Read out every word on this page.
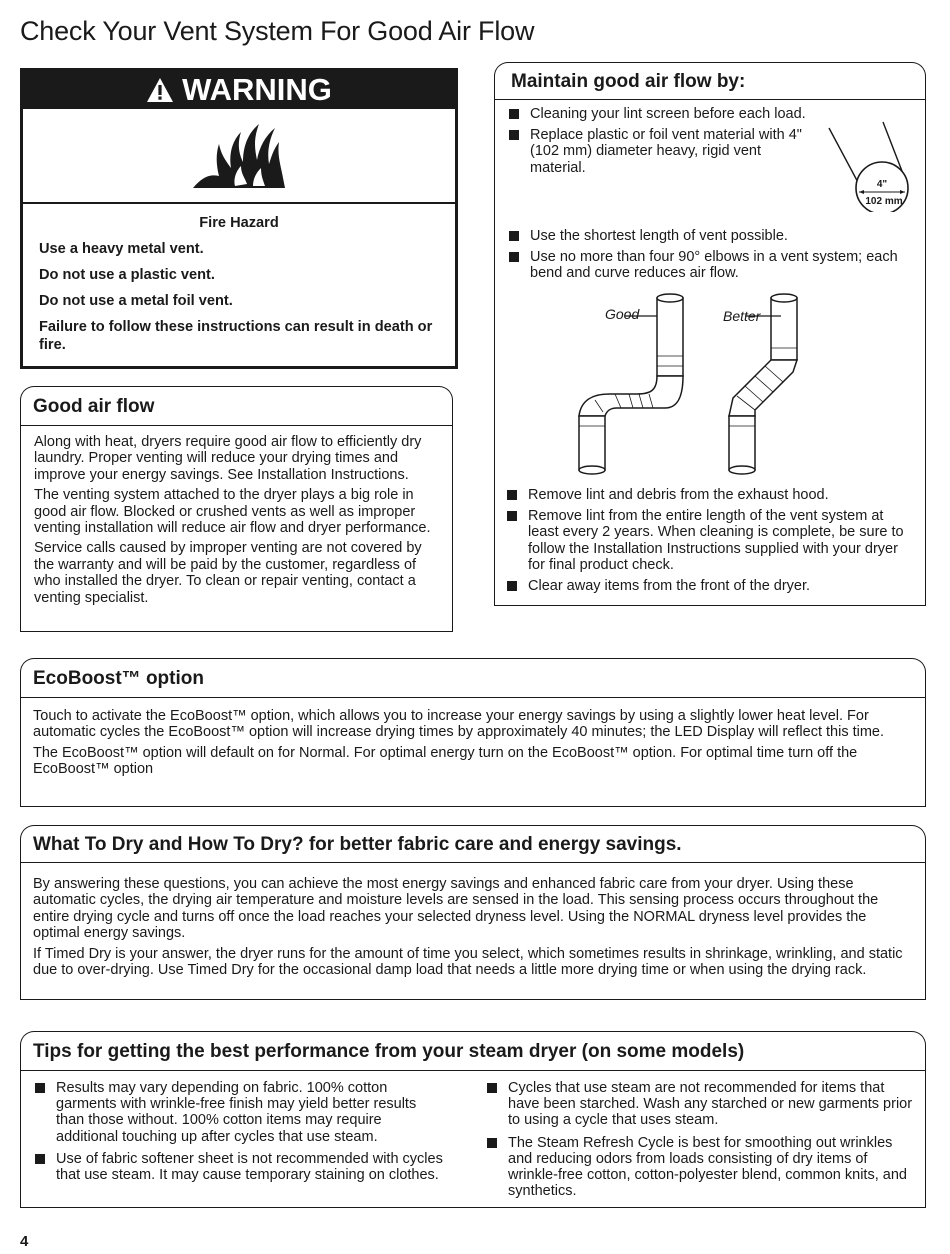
Check Your Vent System For Good Air Flow
WARNING

Fire Hazard

Use a heavy metal vent.

Do not use a plastic vent.

Do not use a metal foil vent.

Failure to follow these instructions can result in death or fire.

Good air flow

Along with heat, dryers require good air flow to efficiently dry laundry. Proper venting will reduce your drying times and improve your energy savings. See Installation Instructions.

The venting system attached to the dryer plays a big role in good air flow. Blocked or crushed vents as well as improper venting installation will reduce air flow and dryer performance.

Service calls caused by improper venting are not covered by the warranty and will be paid by the customer, regardless of who installed the dryer. To clean or repair venting, contact a venting specialist.

Maintain good air flow by:
Cleaning your lint screen before each load.
Replace plastic or foil vent material with 4" (102 mm) diameter heavy, rigid vent material.
4"
102 mm
Use the shortest length of vent possible.
Use no more than four 90° elbows in a vent system; each bend and curve reduces air flow.
Good	Better
Remove lint and debris from the exhaust hood.
Remove lint from the entire length of the vent system at least every 2 years. When cleaning is complete, be sure to follow the Installation Instructions supplied with your dryer for final product check.
Clear away items from the front of the dryer.
EcoBoost™ option

Touch to activate the EcoBoost™ option, which allows you to increase your energy savings by using a slightly lower heat level. For automatic cycles the EcoBoost™ option will increase drying times by approximately 40 minutes; the LED Display will reflect this time.

The EcoBoost™ option will default on for Normal. For optimal energy turn on the EcoBoost™ option. For optimal time turn off the EcoBoost™ option

What To Dry and How To Dry? for better fabric care and energy savings.

By answering these questions, you can achieve the most energy savings and enhanced fabric care from your dryer. Using these automatic cycles, the drying air temperature and moisture levels are sensed in the load. This sensing process occurs throughout the entire drying cycle and turns off once the load reaches your selected dryness level. Using the NORMAL dryness level provides the optimal energy savings.

If Timed Dry is your answer, the dryer runs for the amount of time you select, which sometimes results in shrinkage, wrinkling, and static due to over-drying. Use Timed Dry for the occasional damp load that needs a little more drying time or when using the drying rack.

Tips for getting the best performance from your steam dryer (on some models)
Results may vary depending on fabric. 100% cotton garments with wrinkle-free finish may yield better results than those without. 100% cotton items may require additional touching up after cycles that use steam.
Use of fabric softener sheet is not recommended with cycles that use steam. It may cause temporary staining on clothes.
Cycles that use steam are not recommended for items that have been starched. Wash any starched or new garments prior to using a cycle that uses steam.
The Steam Refresh Cycle is best for smoothing out wrinkles and reducing odors from loads consisting of dry items of wrinkle-free cotton, cotton-polyester blend, common knits, and synthetics.
4
